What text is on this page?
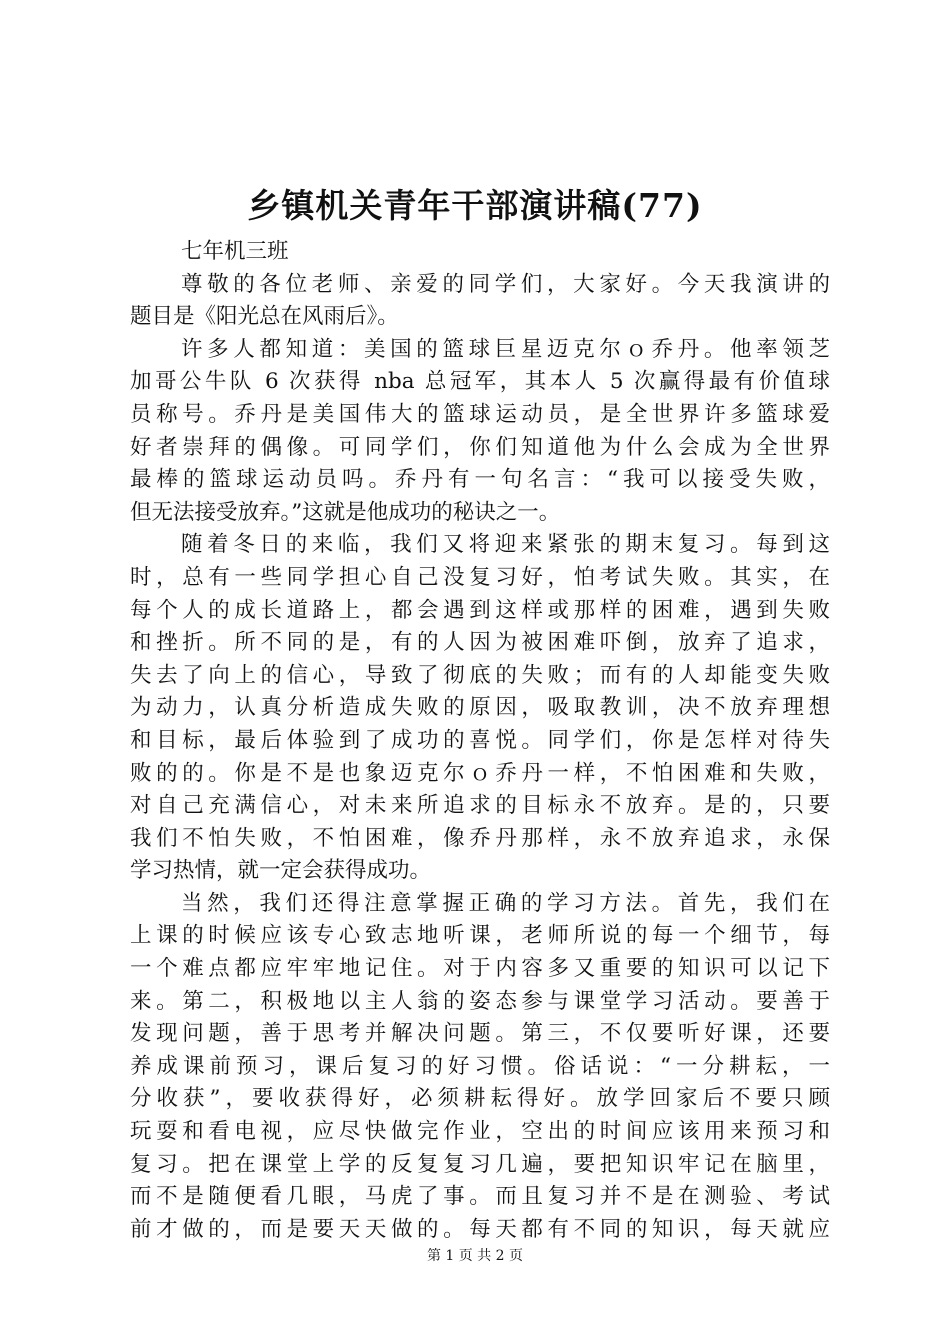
乡镇机关青年干部演讲稿(77)
七年机三班
尊敬的各位老师、亲爱的同学们，大家好。今天我演讲的
题目是《阳光总在风雨后》。
许多人都知道：美国的篮球巨星迈克尔ｏ乔丹。他率领芝
加哥公牛队 6 次获得 nba 总冠军，其本人 5 次赢得最有价值球
员称号。乔丹是美国伟大的篮球运动员，是全世界许多篮球爱
好者崇拜的偶像。可同学们，你们知道他为什么会成为全世界
最棒的篮球运动员吗。乔丹有一句名言：“我可以接受失败，
但无法接受放弃。”这就是他成功的秘诀之一。
随着冬日的来临，我们又将迎来紧张的期末复习。每到这
时，总有一些同学担心自己没复习好，怕考试失败。其实，在
每个人的成长道路上，都会遇到这样或那样的困难，遇到失败
和挫折。所不同的是，有的人因为被困难吓倒，放弃了追求，
失去了向上的信心，导致了彻底的失败；而有的人却能变失败
为动力，认真分析造成失败的原因，吸取教训，决不放弃理想
和目标，最后体验到了成功的喜悦。同学们，你是怎样对待失
败的的。你是不是也象迈克尔ｏ乔丹一样，不怕困难和失败，
对自己充满信心，对未来所追求的目标永不放弃。是的，只要
我们不怕失败，不怕困难，像乔丹那样，永不放弃追求，永保
学习热情，就一定会获得成功。
当然，我们还得注意掌握正确的学习方法。首先，我们在
上课的时候应该专心致志地听课，老师所说的每一个细节，每
一个难点都应牢牢地记住。对于内容多又重要的知识可以记下
来。第二，积极地以主人翁的姿态参与课堂学习活动。要善于
发现问题，善于思考并解决问题。第三，不仅要听好课，还要
养成课前预习，课后复习的好习惯。俗话说：“一分耕耘，一
分收获”，要收获得好，必须耕耘得好。放学回家后不要只顾
玩耍和看电视，应尽快做完作业，空出的时间应该用来预习和
复习。把在课堂上学的反复复习几遍，要把知识牢记在脑里，
而不是随便看几眼，马虎了事。而且复习并不是在测验、考试
前才做的，而是要天天做的。每天都有不同的知识，每天就应
第 1 页 共 2 页
